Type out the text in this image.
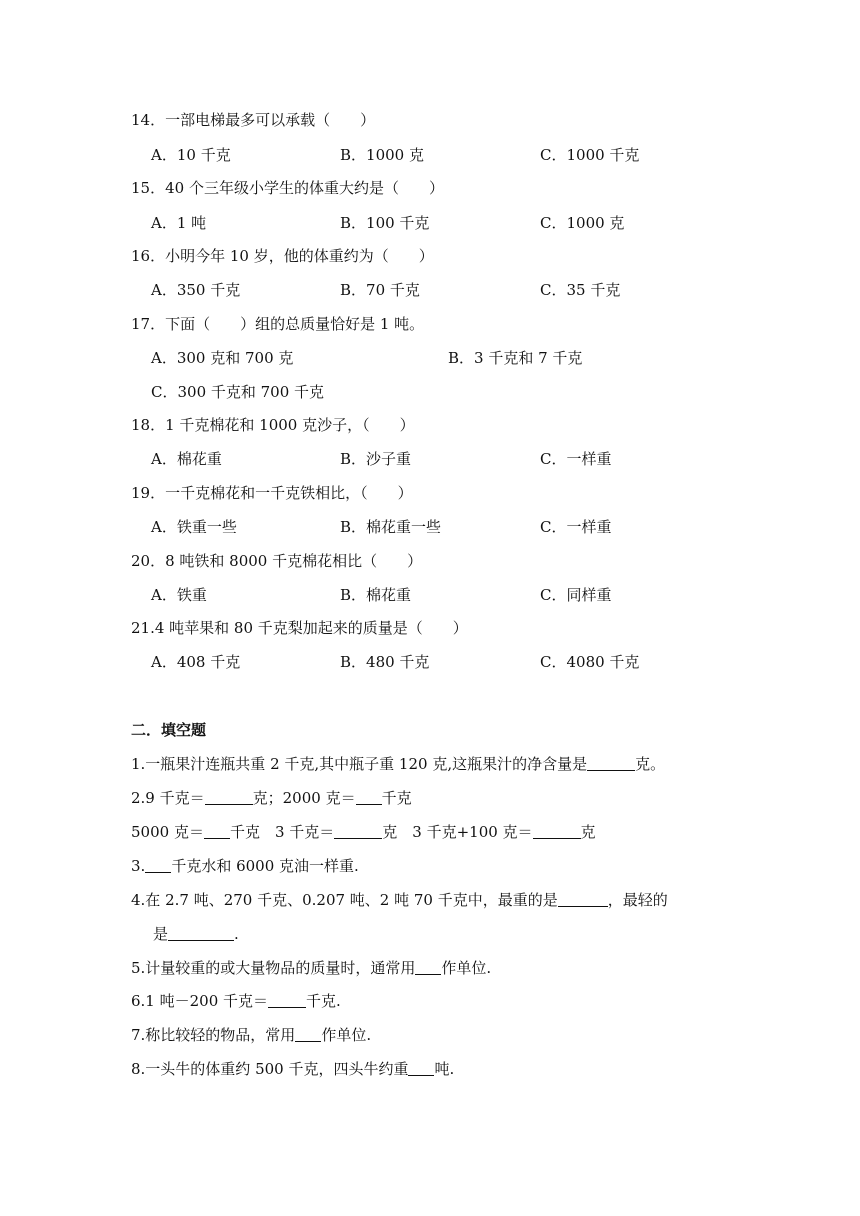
14．一部电梯最多可以承载（　　）
A．10 千克	B．1000 克	C．1000 千克
15．40 个三年级小学生的体重大约是（　　）
A．1 吨	B．100 千克	C．1000 克
16．小明今年 10 岁，他的体重约为（　　）
A．350 千克	B．70 千克	C．35 千克
17．下面（　　）组的总质量恰好是 1 吨。
A．300 克和 700 克	B．3 千克和 7 千克
C．300 千克和 700 千克
18．1 千克棉花和 1000 克沙子，（　　）
A．棉花重	B．沙子重	C．一样重
19．一千克棉花和一千克铁相比，（　　）
A．铁重一些	B．棉花重一些	C．一样重
20．8 吨铁和 8000 千克棉花相比（　　）
A．铁重	B．棉花重	C．同样重
21.4 吨苹果和 80 千克梨加起来的质量是（　　）
A．408 千克	B．480 千克	C．4080 千克
二．填空题
1.一瓶果汁连瓶共重 2 千克,其中瓶子重 120 克,这瓶果汁的净含量是	克。
2.9 千克＝	克；2000 克＝ 千克
5000 克＝ 千克　3 千克＝	克　3 千克+100 克＝	克
3. 千克水和 6000 克油一样重.
4.在 2.7 吨、270 千克、0.207 吨、2 吨 70 千克中，最重的是	，最轻的
是	.
5.计量较重的或大量物品的质量时，通常用 作单位.
6.1 吨－200 千克＝	千克.
7.称比较轻的物品，常用 作单位.
8.一头牛的体重约 500 千克，四头牛约重 吨.
